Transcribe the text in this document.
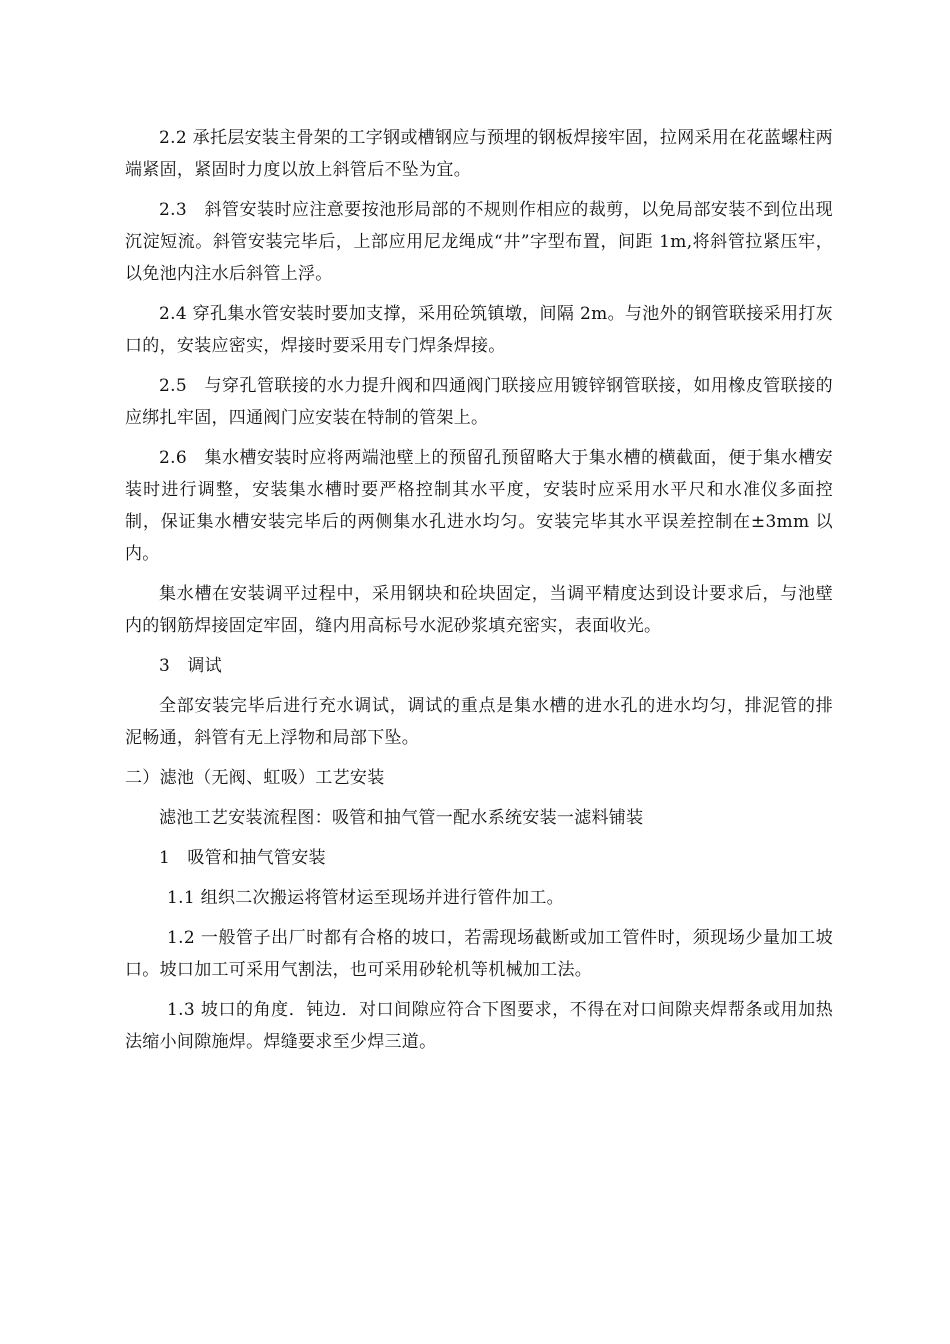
2.2 承托层安装主骨架的工字钢或槽钢应与预埋的钢板焊接牢固，拉网采用在花蓝螺柱两端紧固，紧固时力度以放上斜管后不坠为宜。

2.3　斜管安装时应注意要按池形局部的不规则作相应的裁剪，以免局部安装不到位出现沉淀短流。斜管安装完毕后，上部应用尼龙绳成“井”字型布置，间距 1m,将斜管拉紧压牢，以免池内注水后斜管上浮。

2.4 穿孔集水管安装时要加支撑，采用砼筑镇墩，间隔 2m。与池外的钢管联接采用打灰口的，安装应密实，焊接时要采用专门焊条焊接。

2.5　与穿孔管联接的水力提升阀和四通阀门联接应用镀锌钢管联接，如用橡皮管联接的应绑扎牢固，四通阀门应安装在特制的管架上。

2.6　集水槽安装时应将两端池壁上的预留孔预留略大于集水槽的横截面，便于集水槽安装时进行调整，安装集水槽时要严格控制其水平度，安装时应采用水平尺和水准仪多面控制，保证集水槽安装完毕后的两侧集水孔进水均匀。安装完毕其水平误差控制在±3mm 以内。

集水槽在安装调平过程中，采用钢块和砼块固定，当调平精度达到设计要求后，与池壁内的钢筋焊接固定牢固，缝内用高标号水泥砂浆填充密实，表面收光。

3　调试

全部安装完毕后进行充水调试，调试的重点是集水槽的进水孔的进水均匀，排泥管的排泥畅通，斜管有无上浮物和局部下坠。

二）滤池（无阀、虹吸）工艺安装

滤池工艺安装流程图：吸管和抽气管一配水系统安装一滤料铺装

1　吸管和抽气管安装

1.1 组织二次搬运将管材运至现场并进行管件加工。

1.2 一般管子出厂时都有合格的坡口，若需现场截断或加工管件时，须现场少量加工坡口。坡口加工可采用气割法，也可采用砂轮机等机械加工法。

1.3 坡口的角度．钝边．对口间隙应符合下图要求，不得在对口间隙夹焊帮条或用加热法缩小间隙施焊。焊缝要求至少焊三道。
